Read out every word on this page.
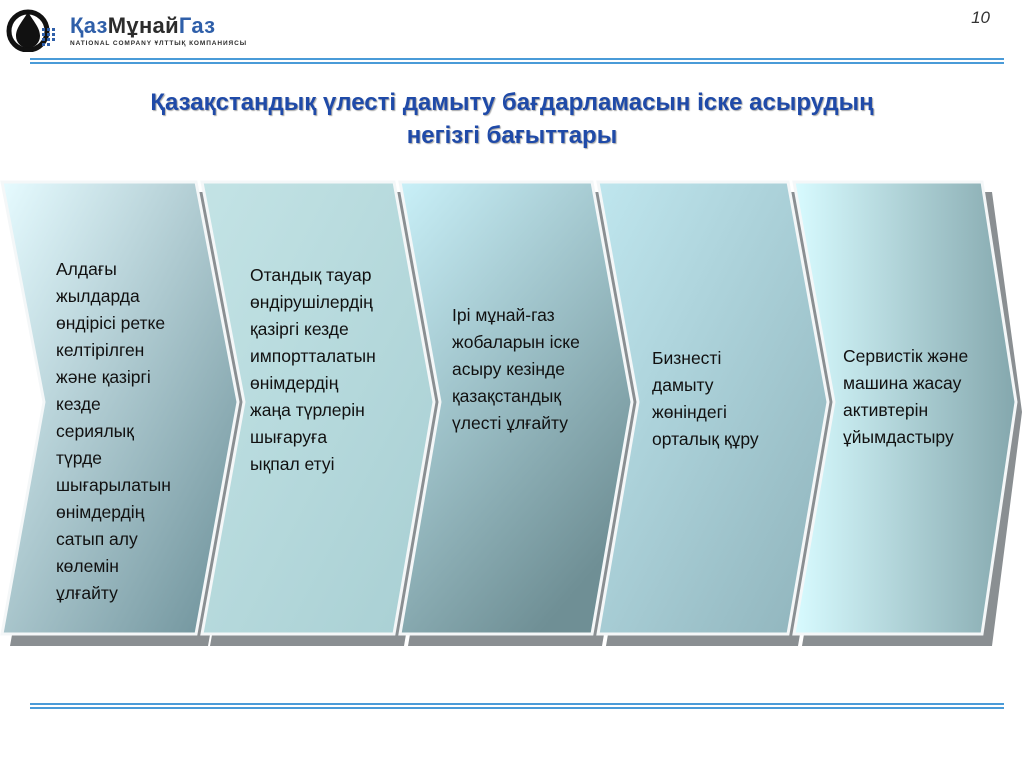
ҚазМұнайГаз
NATIONAL COMPANY ҰЛТТЫҚ КОМПАНИЯСЫ
10
Қазақстандық үлесті дамыту бағдарламасын іске асырудың
негізгі бағыттары
Алдағы
жылдарда
өндірісі ретке
келтірілген
және қазіргі
кезде
сериялық
түрде
шығарылатын
өнімдердің
сатып алу
көлемін
ұлғайту
Отандық тауар
өндірушілердің
қазіргі кезде
импортталатын
өнімдердің
жаңа түрлерін
шығаруға
ықпал етуі
Ірі мұнай-газ
жобаларын іске
асыру кезінде
қазақстандық
үлесті ұлғайту
Бизнесті
дамыту
жөніндегі
орталық құру
Сервистік және
машина жасау
активтерін
ұйымдастыру
